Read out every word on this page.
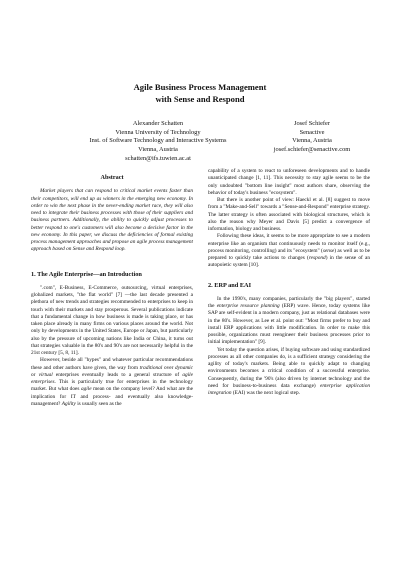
Agile Business Process Management
with Sense and Respond
Alexander Schatten
Vienna University of Technology
Inst. of Software Technology and Interactive Systems
Vienna, Austria
schatten@ifs.tuwien.ac.at
Josef Schiefer
Senactive
Vienna, Austria
josef.schiefer@senactive.com
Abstract

Market players that can respond to critical market events faster than their competitors, will end up as winners in the emerging new economy. In order to win the next phase in the never-ending market race, they will also need to integrate their business processes with those of their suppliers and business partners. Additionally, the ability to quickly adjust processes to better respond to one's customers will also become a decisive factor in the new economy. In this paper, we discuss the deficiencies of formal existing process management approaches and propose an agile process management approach based on Sense and Respond loop.

1. The Agile Enterprise—an Introduction

".com", E-Business, E-Commerce, outsourcing, virtual enterprises, globalized markets, "the flat world" [7] —the last decade presented a plethora of new trends and strategies recommended to enterprises to keep in touch with their markets and stay prosperous. Several publications indicate that a fundamental change in how business is made is taking place, or has taken place already in many firms on various places around the world. Not only by developments in the United States, Europe or Japan, but particularly also by the pressure of upcoming nations like India or China, it turns out that strategies valuable in the 80's and 90's are not necessarily helpful in the 21st century [5, 8, 11].

However, beside all "hypes" and whatever particular recommendations these and other authors have given, the way from traditional over dynamic or virtual enterprises eventually leads to a general structure of agile enterprises. This is particularly true for enterprises in the technology market. But what does agile mean on the company level? And what are the implication for IT and process- and eventually also knowledge-management? Agility is usually seen as the

capability of a system to react to unforeseen developments and to handle unanticipated change [1, 11]. This necessity to stay agile seems to be the only undoubted "bottom line insight" most authors share, observing the behavior of today's business "ecosystem".

But there is another point of view: Haeckl et al. [8] suggest to move from a "Make-and-Sell" towards a "Sense-and-Respond" enterprise strategy. The latter strategy is often associated with biological structures, which is also the reason why Meyer and Davis [5] predict a convergence of information, biology and business.

Following these ideas, it seems to be more appropriate to see a modern enterprise like an organism that continuously needs to monitor itself (e.g., process monitoring, controlling) and its "ecosystem" (sense) as well as to be prepared to quickly take actions to changes (respond) in the sense of an autopoietic system [10].

2. ERP and EAI

In the 1990's, many companies, particularly the "big players", started the enterprise resource planning (ERP) wave. Hence, today systems like SAP are self-evident in a modern company, just as relational databases were in the 80's. However, as Lee et al. point out: "Most firms prefer to buy and install ERP applications with little modification. In order to make this possible, organizations must reengineer their business processes prior to initial implementation" [9].

Yet today the question arises, if buying software and using standardized processes as all other companies do, is a sufficient strategy considering the agility of today's markets. Being able to quickly adapt to changing environments becomes a critical condition of a successful enterprise. Consequently, during the '90's (also driven by internet technology and the need for business-to-business data exchange) enterprise application integration (EAI) was the next logical step.
